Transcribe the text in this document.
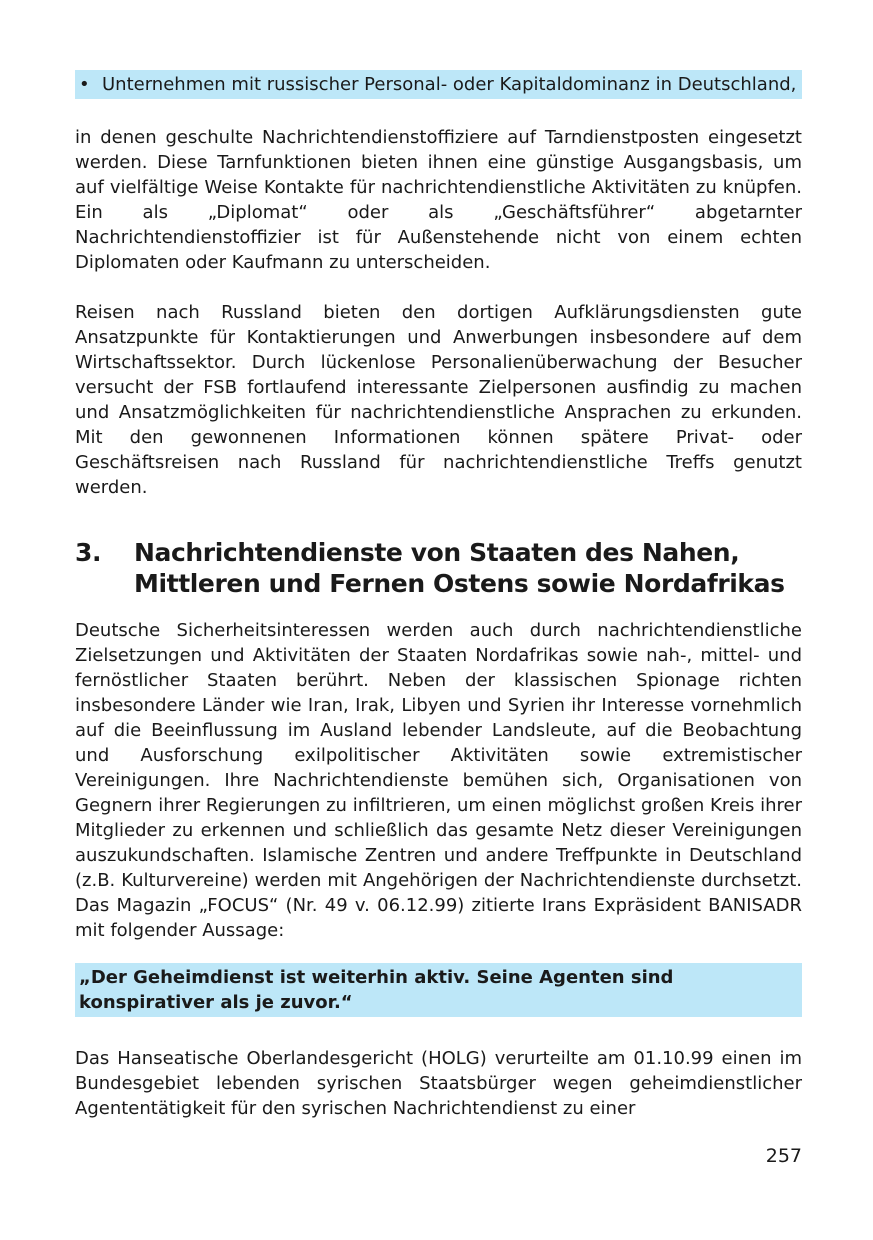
• Unternehmen mit russischer Personal- oder Kapitaldominanz in Deutschland,

in denen geschulte Nachrichtendienstoffiziere auf Tarndienstposten eingesetzt werden. Diese Tarnfunktionen bieten ihnen eine günstige Ausgangsbasis, um auf vielfältige Weise Kontakte für nachrichtendienstliche Aktivitäten zu knüpfen. Ein als „Diplomat“ oder als „Geschäftsführer“ abgetarnter Nachrichtendienstoffizier ist für Außenstehende nicht von einem echten Diplomaten oder Kaufmann zu unterscheiden.

Reisen nach Russland bieten den dortigen Aufklärungsdiensten gute Ansatzpunkte für Kontaktierungen und Anwerbungen insbesondere auf dem Wirtschaftssektor. Durch lückenlose Personalienüberwachung der Besucher versucht der FSB fortlaufend interessante Zielpersonen ausfindig zu machen und Ansatzmöglichkeiten für nachrichtendienstliche Ansprachen zu erkunden. Mit den gewonnenen Informationen können spätere Privat- oder Geschäftsreisen nach Russland für nachrichtendienstliche Treffs genutzt werden.

3.	Nachrichtendienste von Staaten des Nahen, Mittleren und Fernen Ostens sowie Nordafrikas

Deutsche Sicherheitsinteressen werden auch durch nachrichtendienstliche Zielsetzungen und Aktivitäten der Staaten Nordafrikas sowie nah-, mittel- und fernöstlicher Staaten berührt. Neben der klassischen Spionage richten insbesondere Länder wie Iran, Irak, Libyen und Syrien ihr Interesse vornehmlich auf die Beeinflussung im Ausland lebender Landsleute, auf die Beobachtung und Ausforschung exilpolitischer Aktivitäten sowie extremistischer Vereinigungen. Ihre Nachrichtendienste bemühen sich, Organisationen von Gegnern ihrer Regierungen zu infiltrieren, um einen möglichst großen Kreis ihrer Mitglieder zu erkennen und schließlich das gesamte Netz dieser Vereinigungen auszukundschaften. Islamische Zentren und andere Treffpunkte in Deutschland (z.B. Kulturvereine) werden mit Angehörigen der Nachrichtendienste durchsetzt. Das Magazin „FOCUS“ (Nr. 49 v. 06.12.99) zitierte Irans Expräsident BANISADR mit folgender Aussage:

„Der Geheimdienst ist weiterhin aktiv. Seine Agenten sind konspirativer als je zuvor.“

Das Hanseatische Oberlandesgericht (HOLG) verurteilte am 01.10.99 einen im Bundesgebiet lebenden syrischen Staatsbürger wegen geheimdienstlicher Agententätigkeit für den syrischen Nachrichtendienst zu einer

257
